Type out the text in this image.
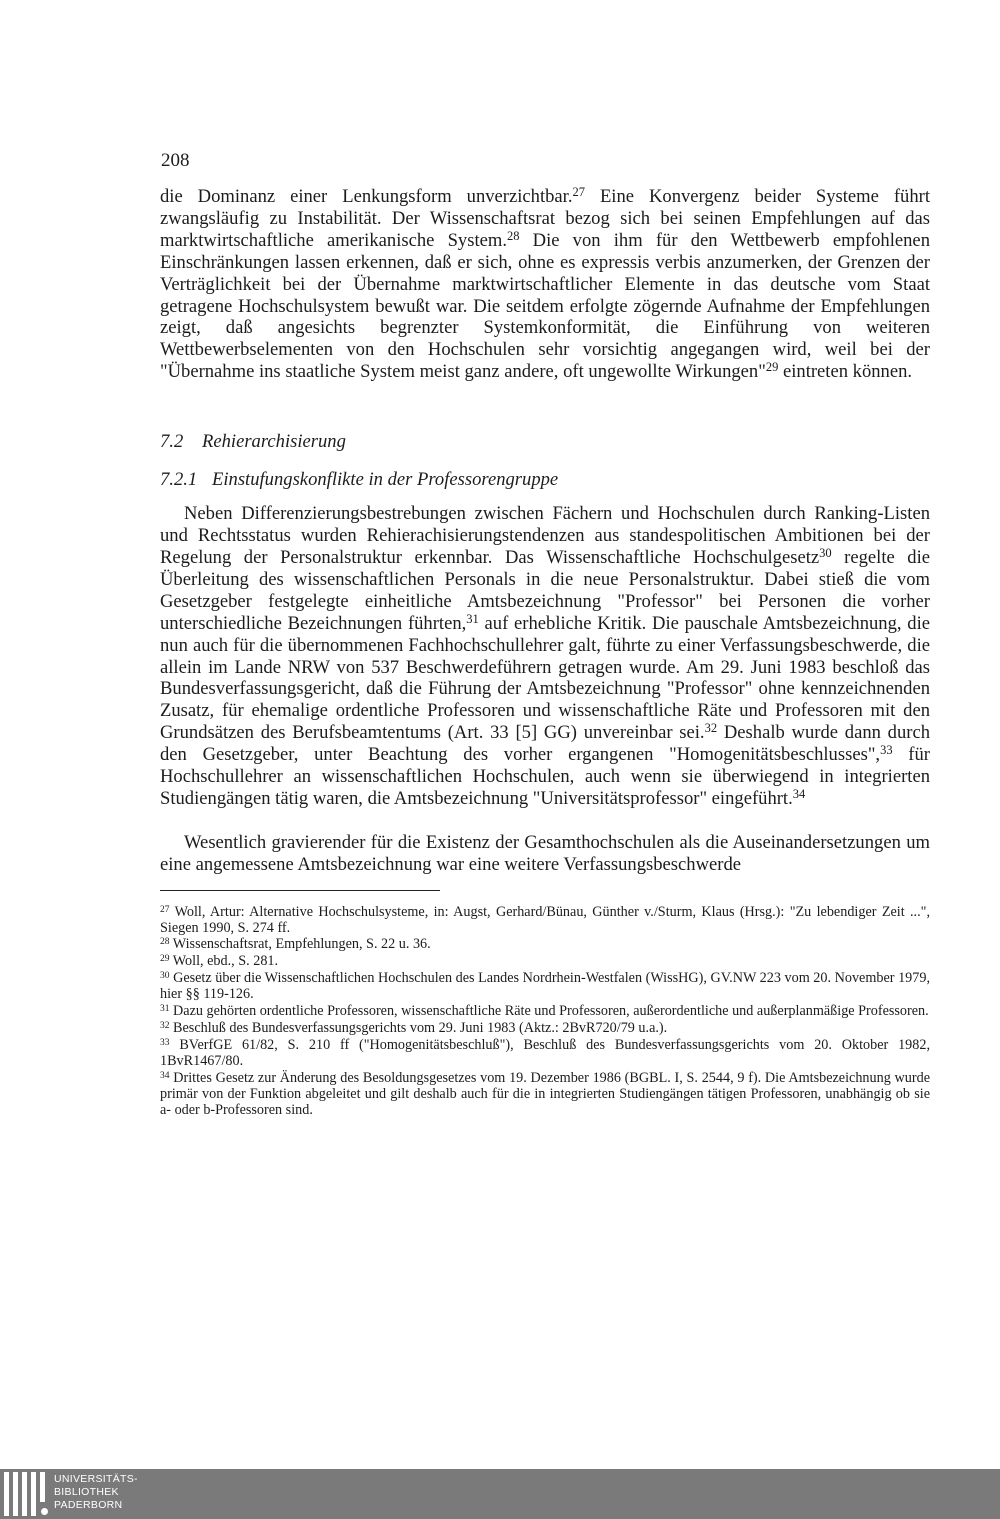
208

die Dominanz einer Lenkungsform unverzichtbar.$^{27}$ Eine Konvergenz beider Systeme führt zwangsläufig zu Instabilität. Der Wissenschaftsrat bezog sich bei seinen Empfehlungen auf das marktwirtschaftliche amerikanische System.$^{28}$ Die von ihm für den Wettbewerb empfohlenen Einschränkungen lassen erkennen, daß er sich, ohne es expressis verbis anzumerken, der Grenzen der Verträglichkeit bei der Übernahme marktwirtschaftlicher Elemente in das deutsche vom Staat getragene Hochschulsystem bewußt war. Die seitdem erfolgte zögernde Aufnahme der Empfehlungen zeigt, daß angesichts begrenzter Systemkonformität, die Einführung von weiteren Wettbewerbselementen von den Hochschulen sehr vorsichtig angegangen wird, weil bei der "Übernahme ins staatliche System meist ganz andere, oft ungewollte Wirkungen"$^{29}$ eintreten können.

7.2 Rehierarchisierung
7.2.1 Einstufungskonflikte in der Professorengruppe

Neben Differenzierungsbestrebungen zwischen Fächern und Hochschulen durch Ranking-Listen und Rechtsstatus wurden Rehierachisierungstendenzen aus standespolitischen Ambitionen bei der Regelung der Personalstruktur erkennbar. Das Wissenschaftliche Hochschulgesetz$^{30}$ regelte die Überleitung des wissenschaftlichen Personals in die neue Personalstruktur. Dabei stieß die vom Gesetzgeber festgelegte einheitliche Amtsbezeichnung "Professor" bei Personen die vorher unterschiedliche Bezeichnungen führten,$^{31}$ auf erhebliche Kritik. Die pauschale Amtsbezeichnung, die nun auch für die übernommenen Fachhochschullehrer galt, führte zu einer Verfassungsbeschwerde, die allein im Lande NRW von 537 Beschwerdeführern getragen wurde. Am 29. Juni 1983 beschloß das Bundesverfassungsgericht, daß die Führung der Amtsbezeichnung "Professor" ohne kennzeichnenden Zusatz, für ehemalige ordentliche Professoren und wissenschaftliche Räte und Professoren mit den Grundsätzen des Berufsbeamtentums (Art. 33 [5] GG) unvereinbar sei.$^{32}$ Deshalb wurde dann durch den Gesetzgeber, unter Beachtung des vorher ergangenen "Homogenitätsbeschlusses",$^{33}$ für Hochschullehrer an wissenschaftlichen Hochschulen, auch wenn sie überwiegend in integrierten Studiengängen tätig waren, die Amtsbezeichnung "Universitätsprofessor" eingeführt.$^{34}$

Wesentlich gravierender für die Existenz der Gesamthochschulen als die Auseinandersetzungen um eine angemessene Amtsbezeichnung war eine weitere Verfassungsbeschwerde

$^{27}$ Woll, Artur: Alternative Hochschulsysteme, in: Augst, Gerhard/Bünau, Günther v./Sturm, Klaus (Hrsg.): "Zu lebendiger Zeit ...", Siegen 1990, S. 274 ff.

$^{28}$ Wissenschaftsrat, Empfehlungen, S. 22 u. 36.

$^{29}$ Woll, ebd., S. 281.

$^{30}$ Gesetz über die Wissenschaftlichen Hochschulen des Landes Nordrhein-Westfalen (WissHG), GV.NW 223 vom 20. November 1979, hier §§ 119-126.

$^{31}$ Dazu gehörten ordentliche Professoren, wissenschaftliche Räte und Professoren, außerordentliche und außerplanmäßige Professoren.

$^{32}$ Beschluß des Bundesverfassungsgerichts vom 29. Juni 1983 (Aktz.: 2BvR720/79 u.a.).

$^{33}$ BVerfGE 61/82, S. 210 ff ("Homogenitätsbeschluß"), Beschluß des Bundesverfassungsgerichts vom 20. Oktober 1982, 1BvR1467/80.

$^{34}$ Drittes Gesetz zur Änderung des Besoldungsgesetzes vom 19. Dezember 1986 (BGBL. I, S. 2544, 9 f). Die Amtsbezeichnung wurde primär von der Funktion abgeleitet und gilt deshalb auch für die in integrierten Studiengängen tätigen Professoren, unabhängig ob sie a- oder b-Professoren sind.

UNIVERSITÄTS-
BIBLIOTHEK
PADERBORN
